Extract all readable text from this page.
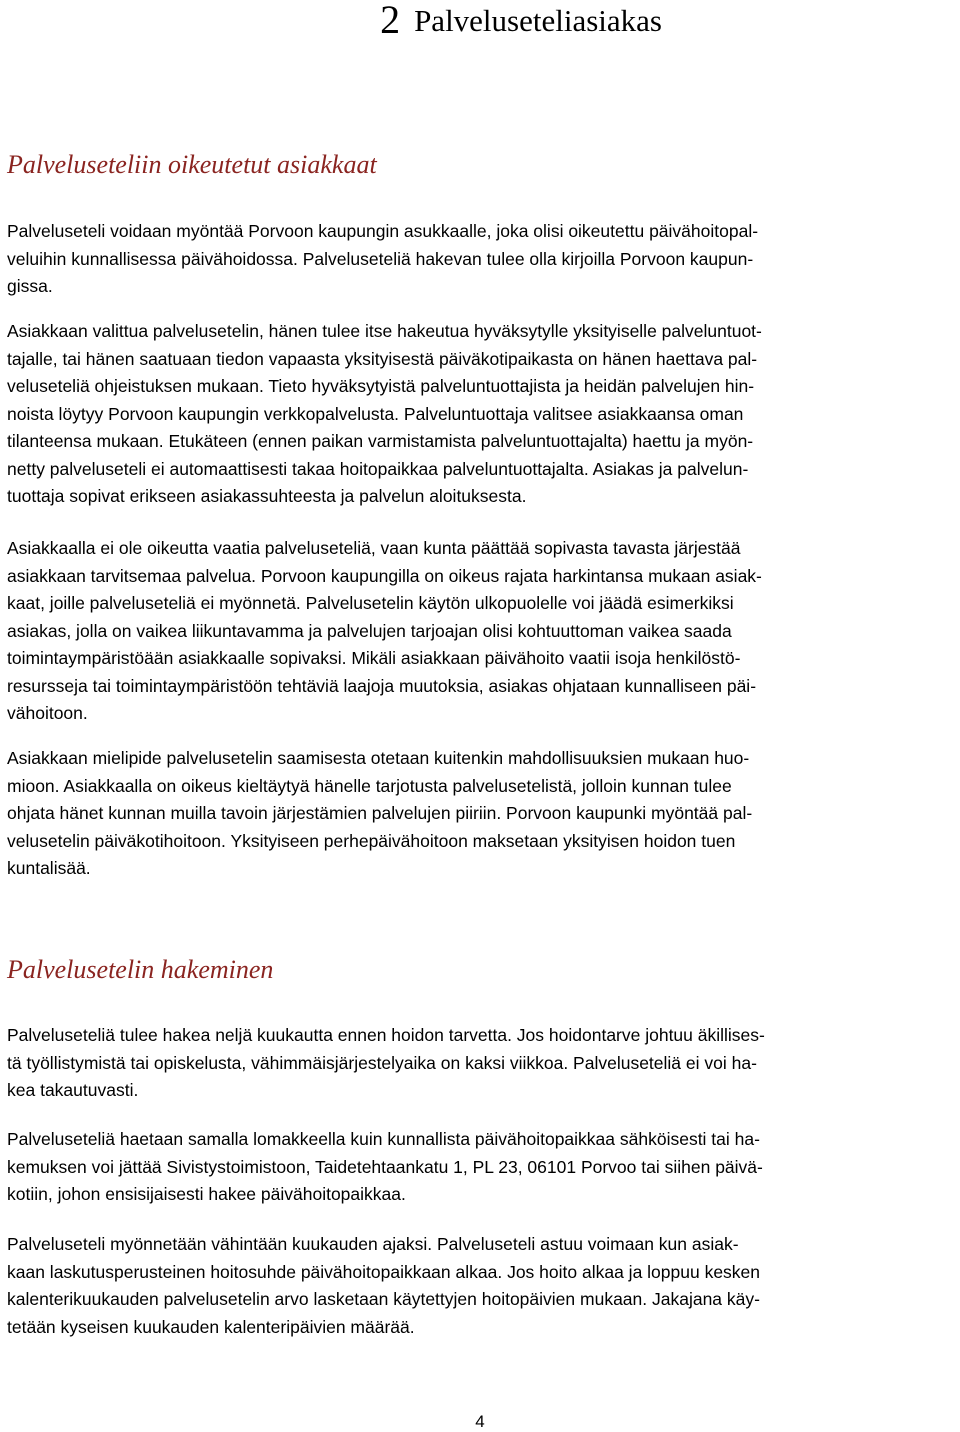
2 Palveluseteliasiakas
Palveluseteliin oikeutetut asiakkaat

Palveluseteli voidaan myöntää Porvoon kaupungin asukkaalle, joka olisi oikeutettu päivähoitopal-
veluihin kunnallisessa päivähoidossa. Palveluseteliä hakevan tulee olla kirjoilla Porvoon kaupun-
gissa.

Asiakkaan valittua palvelusetelin, hänen tulee itse hakeutua hyväksytylle yksityiselle palveluntuot-
tajalle, tai hänen saatuaan tiedon vapaasta yksityisestä päiväkotipaikasta on hänen haettava pal-
veluseteliä ohjeistuksen mukaan. Tieto hyväksytyistä palveluntuottajista ja heidän palvelujen hin-
noista löytyy Porvoon kaupungin verkkopalvelusta. Palveluntuottaja valitsee asiakkaansa oman
tilanteensa mukaan. Etukäteen (ennen paikan varmistamista palveluntuottajalta) haettu ja myön-
netty palveluseteli ei automaattisesti takaa hoitopaikkaa palveluntuottajalta. Asiakas ja palvelun-
tuottaja sopivat erikseen asiakassuhteesta ja palvelun aloituksesta.

Asiakkaalla ei ole oikeutta vaatia palveluseteliä, vaan kunta päättää sopivasta tavasta järjestää
asiakkaan tarvitsemaa palvelua. Porvoon kaupungilla on oikeus rajata harkintansa mukaan asiak-
kaat, joille palveluseteliä ei myönnetä. Palvelusetelin käytön ulkopuolelle voi jäädä esimerkiksi
asiakas, jolla on vaikea liikuntavamma ja palvelujen tarjoajan olisi kohtuuttoman vaikea saada
toimintaympäristöään asiakkaalle sopivaksi. Mikäli asiakkaan päivähoito vaatii isoja henkilöstö-
resursseja tai toimintaympäristöön tehtäviä laajoja muutoksia, asiakas ohjataan kunnalliseen päi-
vähoitoon.

Asiakkaan mielipide palvelusetelin saamisesta otetaan kuitenkin mahdollisuuksien mukaan huo-
mioon. Asiakkaalla on oikeus kieltäytyä hänelle tarjotusta palvelusetelistä, jolloin kunnan tulee
ohjata hänet kunnan muilla tavoin järjestämien palvelujen piiriin. Porvoon kaupunki myöntää pal-
velusetelin päiväkotihoitoon. Yksityiseen perhepäivähoitoon maksetaan yksityisen hoidon tuen
kuntalisää.

Palvelusetelin hakeminen

Palveluseteliä tulee hakea neljä kuukautta ennen hoidon tarvetta. Jos hoidontarve johtuu äkillises-
tä työllistymistä tai opiskelusta, vähimmäisjärjestelyaika on kaksi viikkoa. Palveluseteliä ei voi ha-
kea takautuvasti.

Palveluseteliä haetaan samalla lomakkeella kuin kunnallista päivähoitopaikkaa sähköisesti tai ha-
kemuksen voi jättää Sivistystoimistoon, Taidetehtaankatu 1, PL 23, 06101 Porvoo tai siihen päivä-
kotiin, johon ensisijaisesti hakee päivähoitopaikkaa.

Palveluseteli myönnetään vähintään kuukauden ajaksi. Palveluseteli astuu voimaan kun asiak-
kaan laskutusperusteinen hoitosuhde päivähoitopaikkaan alkaa. Jos hoito alkaa ja loppuu kesken
kalenterikuukauden palvelusetelin arvo lasketaan käytettyjen hoitopäivien mukaan. Jakajana käy-
tetään kyseisen kuukauden kalenteripäivien määrää.

4
